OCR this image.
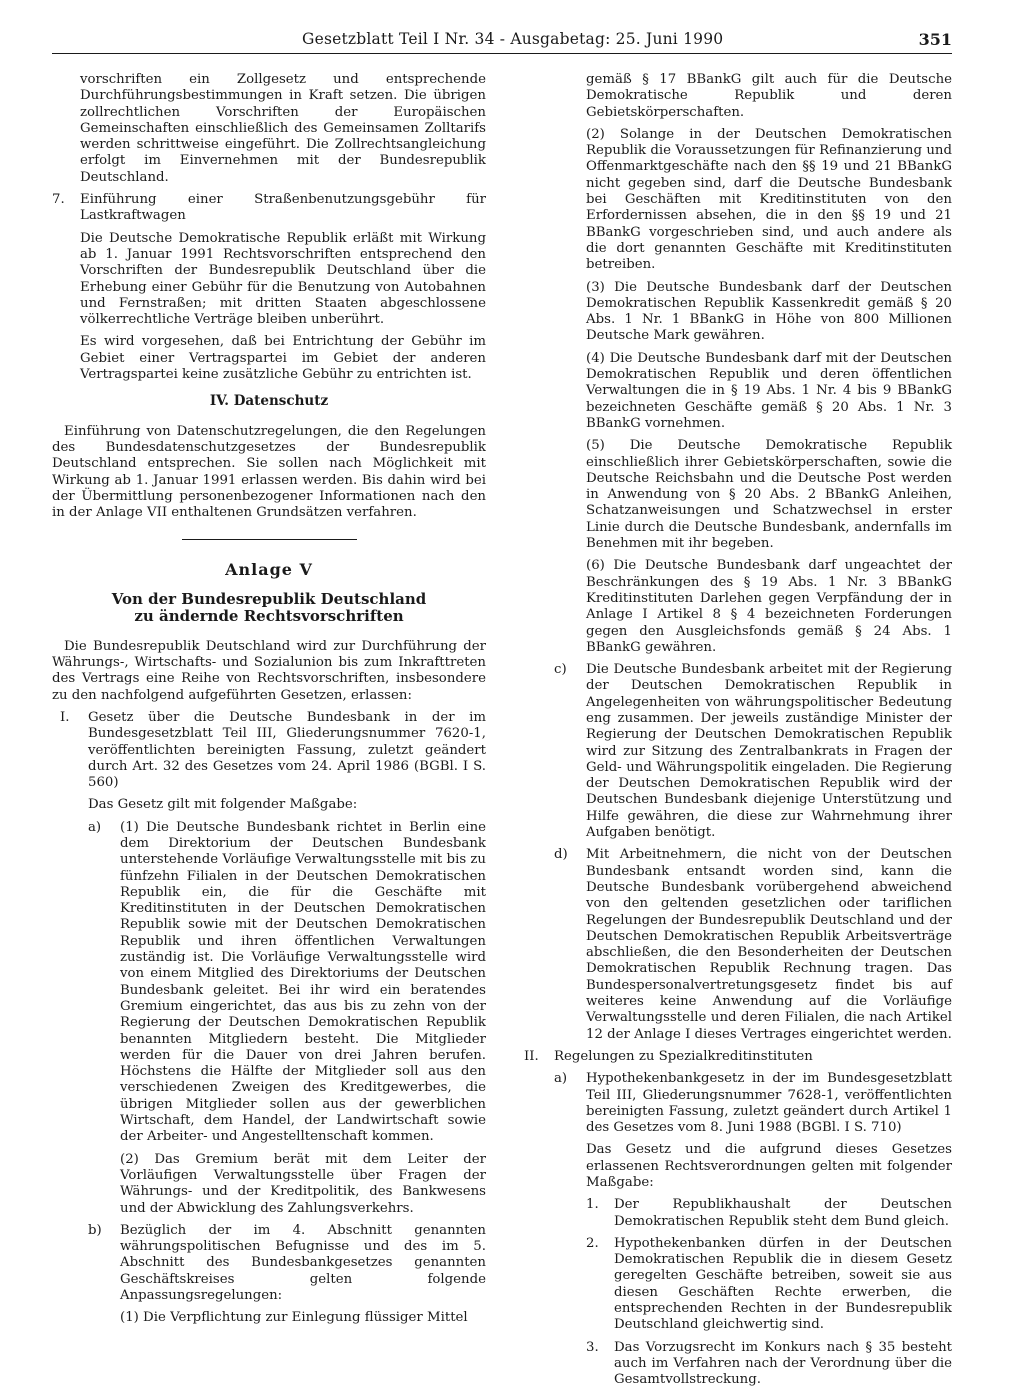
Gesetzblatt Teil I Nr. 34 - Ausgabetag: 25. Juni 1990	351

vorschriften ein Zollgesetz und entsprechende Durchführungsbestimmungen in Kraft setzen. Die übrigen zollrechtlichen Vorschriften der Europäischen Gemeinschaften einschließlich des Gemeinsamen Zolltarifs werden schrittweise eingeführt. Die Zollrechtsangleichung erfolgt im Einvernehmen mit der Bundesrepublik Deutschland.

7.	Einführung einer Straßenbenutzungsgebühr für Lastkraftwagen

Die Deutsche Demokratische Republik erläßt mit Wirkung ab 1. Januar 1991 Rechtsvorschriften entsprechend den Vorschriften der Bundesrepublik Deutschland über die Erhebung einer Gebühr für die Benutzung von Autobahnen und Fernstraßen; mit dritten Staaten abgeschlossene völkerrechtliche Verträge bleiben unberührt.

Es wird vorgesehen, daß bei Entrichtung der Gebühr im Gebiet einer Vertragspartei im Gebiet der anderen Vertragspartei keine zusätzliche Gebühr zu entrichten ist.

IV. Datenschutz

Einführung von Datenschutzregelungen, die den Regelungen des Bundesdatenschutzgesetzes der Bundesrepublik Deutschland entsprechen. Sie sollen nach Möglichkeit mit Wirkung ab 1. Januar 1991 erlassen werden. Bis dahin wird bei der Übermittlung personenbezogener Informationen nach den in der Anlage VII enthaltenen Grundsätzen verfahren.

Anlage V
Von der Bundesrepublik Deutschland
zu ändernde Rechtsvorschriften

Die Bundesrepublik Deutschland wird zur Durchführung der Währungs-, Wirtschafts- und Sozialunion bis zum Inkrafttreten des Vertrags eine Reihe von Rechtsvorschriften, insbesondere zu den nachfolgend aufgeführten Gesetzen, erlassen:

I.	Gesetz über die Deutsche Bundesbank in der im Bundesgesetzblatt Teil III, Gliederungsnummer 7620-1, veröffentlichten bereinigten Fassung, zuletzt geändert durch Art. 32 des Gesetzes vom 24. April 1986 (BGBl. I S. 560)

Das Gesetz gilt mit folgender Maßgabe:

a)	(1) Die Deutsche Bundesbank richtet in Berlin eine dem Direktorium der Deutschen Bundesbank unterstehende Vorläufige Verwaltungsstelle mit bis zu fünfzehn Filialen in der Deutschen Demokratischen Republik ein, die für die Geschäfte mit Kreditinstituten in der Deutschen Demokratischen Republik sowie mit der Deutschen Demokratischen Republik und ihren öffentlichen Verwaltungen zuständig ist. Die Vorläufige Verwaltungsstelle wird von einem Mitglied des Direktoriums der Deutschen Bundesbank geleitet. Bei ihr wird ein beratendes Gremium eingerichtet, das aus bis zu zehn von der Regierung der Deutschen Demokratischen Republik benannten Mitgliedern besteht. Die Mitglieder werden für die Dauer von drei Jahren berufen. Höchstens die Hälfte der Mitglieder soll aus den verschiedenen Zweigen des Kreditgewerbes, die übrigen Mitglieder sollen aus der gewerblichen Wirtschaft, dem Handel, der Landwirtschaft sowie der Arbeiter- und Angestelltenschaft kommen.

(2) Das Gremium berät mit dem Leiter der Vorläufigen Verwaltungsstelle über Fragen der Währungs- und der Kreditpolitik, des Bankwesens und der Abwicklung des Zahlungsverkehrs.

b)	Bezüglich der im 4. Abschnitt genannten währungspolitischen Befugnisse und des im 5. Abschnitt des Bundesbankgesetzes genannten Geschäftskreises gelten folgende Anpassungsregelungen:

(1) Die Verpflichtung zur Einlegung flüssiger Mittel

gemäß § 17 BBankG gilt auch für die Deutsche Demokratische Republik und deren Gebietskörperschaften.

(2) Solange in der Deutschen Demokratischen Republik die Voraussetzungen für Refinanzierung und Offenmarktgeschäfte nach den §§ 19 und 21 BBankG nicht gegeben sind, darf die Deutsche Bundesbank bei Geschäften mit Kreditinstituten von den Erfordernissen absehen, die in den §§ 19 und 21 BBankG vorgeschrieben sind, und auch andere als die dort genannten Geschäfte mit Kreditinstituten betreiben.

(3) Die Deutsche Bundesbank darf der Deutschen Demokratischen Republik Kassenkredit gemäß § 20 Abs. 1 Nr. 1 BBankG in Höhe von 800 Millionen Deutsche Mark gewähren.

(4) Die Deutsche Bundesbank darf mit der Deutschen Demokratischen Republik und deren öffentlichen Verwaltungen die in § 19 Abs. 1 Nr. 4 bis 9 BBankG bezeichneten Geschäfte gemäß § 20 Abs. 1 Nr. 3 BBankG vornehmen.

(5) Die Deutsche Demokratische Republik einschließlich ihrer Gebietskörperschaften, sowie die Deutsche Reichsbahn und die Deutsche Post werden in Anwendung von § 20 Abs. 2 BBankG Anleihen, Schatzanweisungen und Schatzwechsel in erster Linie durch die Deutsche Bundesbank, andernfalls im Benehmen mit ihr begeben.

(6) Die Deutsche Bundesbank darf ungeachtet der Beschränkungen des § 19 Abs. 1 Nr. 3 BBankG Kreditinstituten Darlehen gegen Verpfändung der in Anlage I Artikel 8 § 4 bezeichneten Forderungen gegen den Ausgleichsfonds gemäß § 24 Abs. 1 BBankG gewähren.

c)	Die Deutsche Bundesbank arbeitet mit der Regierung der Deutschen Demokratischen Republik in Angelegenheiten von währungspolitischer Bedeutung eng zusammen. Der jeweils zuständige Minister der Regierung der Deutschen Demokratischen Republik wird zur Sitzung des Zentralbankrats in Fragen der Geld- und Währungspolitik eingeladen. Die Regierung der Deutschen Demokratischen Republik wird der Deutschen Bundesbank diejenige Unterstützung und Hilfe gewähren, die diese zur Wahrnehmung ihrer Aufgaben benötigt.
d)	Mit Arbeitnehmern, die nicht von der Deutschen Bundesbank entsandt worden sind, kann die Deutsche Bundesbank vorübergehend abweichend von den geltenden gesetzlichen oder tariflichen Regelungen der Bundesrepublik Deutschland und der Deutschen Demokratischen Republik Arbeitsverträge abschließen, die den Besonderheiten der Deutschen Demokratischen Republik Rechnung tragen. Das Bundespersonalvertretungsgesetz findet bis auf weiteres keine Anwendung auf die Vorläufige Verwaltungsstelle und deren Filialen, die nach Artikel 12 der Anlage I dieses Vertrages eingerichtet werden.
II.	Regelungen zu Spezialkreditinstituten
a)	Hypothekenbankgesetz in der im Bundesgesetzblatt Teil III, Gliederungsnummer 7628-1, veröffentlichten bereinigten Fassung, zuletzt geändert durch Artikel 1 des Gesetzes vom 8. Juni 1988 (BGBl. I S. 710)

Das Gesetz und die aufgrund dieses Gesetzes erlassenen Rechtsverordnungen gelten mit folgender Maßgabe:

1.	Der Republikhaushalt der Deutschen Demokratischen Republik steht dem Bund gleich.
2.	Hypothekenbanken dürfen in der Deutschen Demokratischen Republik die in diesem Gesetz geregelten Geschäfte betreiben, soweit sie aus diesen Geschäften Rechte erwerben, die entsprechenden Rechten in der Bundesrepublik Deutschland gleichwertig sind.
3.	Das Vorzugsrecht im Konkurs nach § 35 besteht auch im Verfahren nach der Verordnung über die Gesamtvollstreckung.
